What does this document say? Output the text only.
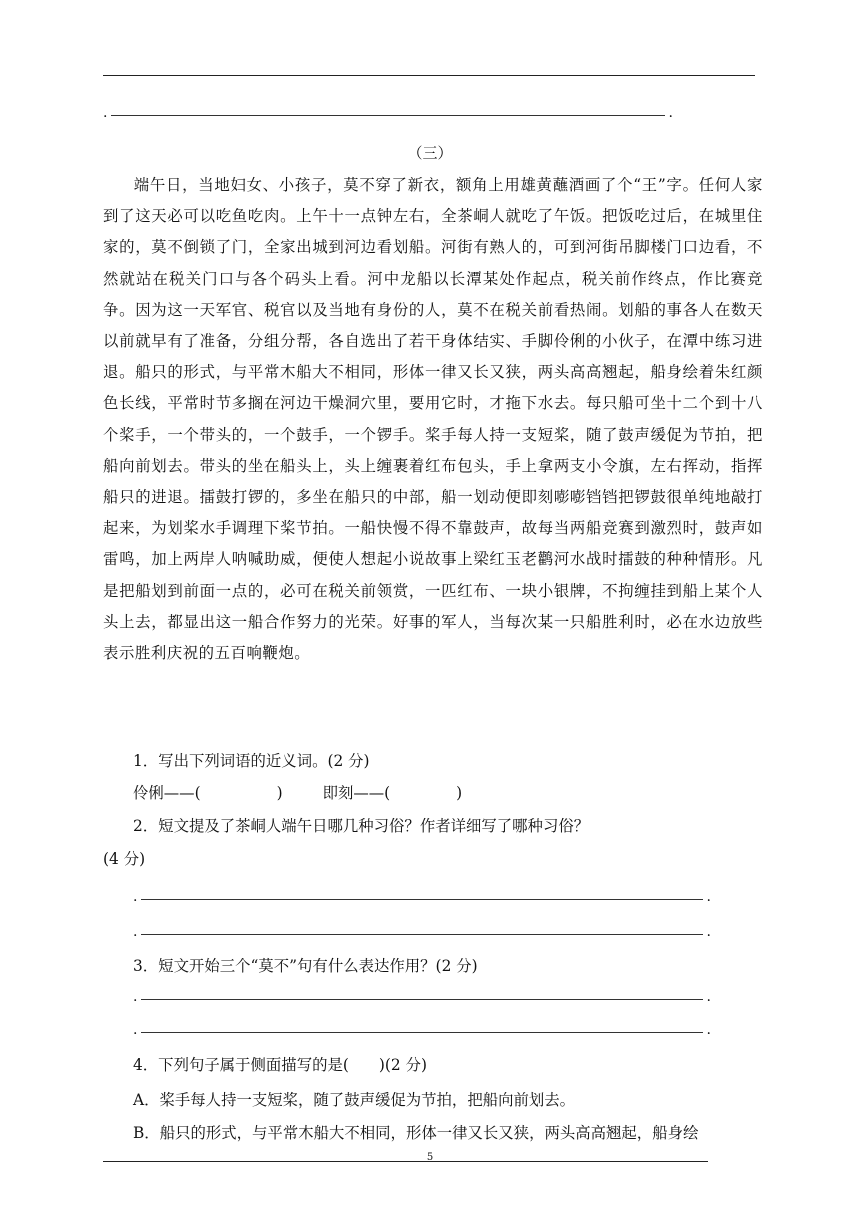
.	.
（三）

端午日，当地妇女、小孩子，莫不穿了新衣，额角上用雄黄蘸酒画了个“王”字。任何人家到了这天必可以吃鱼吃肉。上午十一点钟左右，全茶峒人就吃了午饭。把饭吃过后，在城里住家的，莫不倒锁了门，全家出城到河边看划船。河街有熟人的，可到河街吊脚楼门口边看，不然就站在税关门口与各个码头上看。河中龙船以长潭某处作起点，税关前作终点，作比赛竞争。因为这一天军官、税官以及当地有身份的人，莫不在税关前看热闹。划船的事各人在数天以前就早有了准备，分组分帮，各自选出了若干身体结实、手脚伶俐的小伙子，在潭中练习进退。船只的形式，与平常木船大不相同，形体一律又长又狭，两头高高翘起，船身绘着朱红颜色长线，平常时节多搁在河边干燥洞穴里，要用它时，才拖下水去。每只船可坐十二个到十八个桨手，一个带头的，一个鼓手，一个锣手。桨手每人持一支短桨，随了鼓声缓促为节拍，把船向前划去。带头的坐在船头上，头上缠裹着红布包头，手上拿两支小令旗，左右挥动，指挥船只的进退。擂鼓打锣的，多坐在船只的中部，船一划动便即刻嘭嘭铛铛把锣鼓很单纯地敲打起来，为划桨水手调理下桨节拍。一船快慢不得不靠鼓声，故每当两船竞赛到激烈时，鼓声如雷鸣，加上两岸人呐喊助威，便使人想起小说故事上梁红玉老鹳河水战时擂鼓的种种情形。凡是把船划到前面一点的，必可在税关前领赏，一匹红布、一块小银牌，不拘缠挂到船上某个人头上去，都显出这一船合作努力的光荣。好事的军人，当每次某一只船胜利时，必在水边放些表示胜利庆祝的五百响鞭炮。

1．写出下列词语的近义词。(2 分)
伶俐——(	)	即刻——(	)
2．短文提及了茶峒人端午日哪几种习俗？作者详细写了哪种习俗？
(4 分)
.	.
.	.
3．短文开始三个“莫不”句有什么表达作用？(2 分)
.	.
.	.
4．下列句子属于侧面描写的是( )(2 分)
A．桨手每人持一支短桨，随了鼓声缓促为节拍，把船向前划去。
B．船只的形式，与平常木船大不相同，形体一律又长又狭，两头高高翘起，船身绘
5
